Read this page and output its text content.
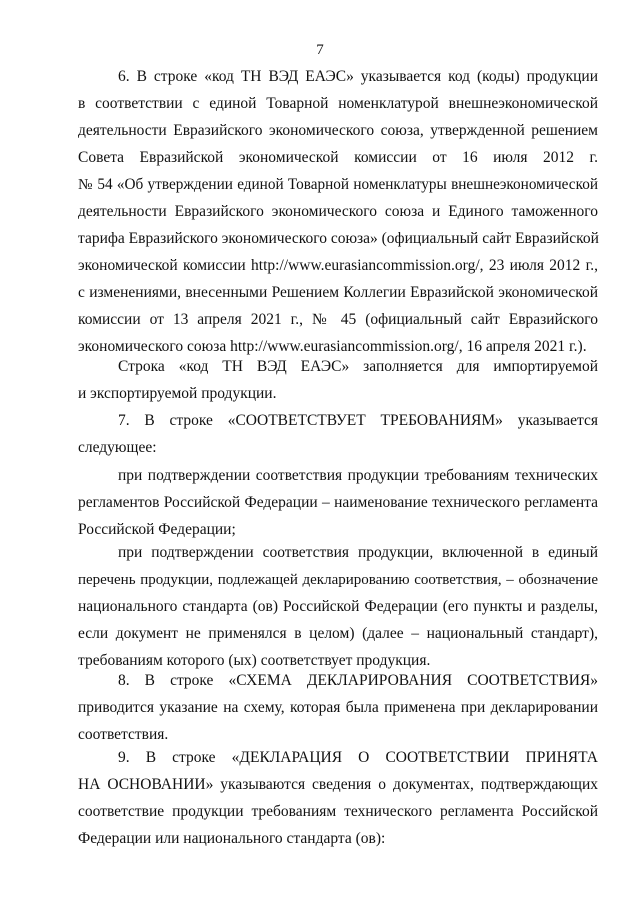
7
6. В строке «код ТН ВЭД ЕАЭС» указывается код (коды) продукции
в соответствии с единой Товарной номенклатурой внешнеэкономической
деятельности Евразийского экономического союза, утвержденной решением
Совета Евразийской экономической комиссии от 16 июля 2012 г.
№ 54 «Об утверждении единой Товарной номенклатуры внешнеэкономической
деятельности Евразийского экономического союза и Единого таможенного
тарифа Евразийского экономического союза» (официальный сайт Евразийской
экономической комиссии http://www.eurasiancommission.org/, 23 июля 2012 г.,
с изменениями, внесенными Решением Коллегии Евразийской экономической
комиссии от 13 апреля 2021 г., № 45 (официальный сайт Евразийского
экономического союза http://www.eurasiancommission.org/, 16 апреля 2021 г.).
Строка «код ТН ВЭД ЕАЭС» заполняется для импортируемой
и экспортируемой продукции.
7. В строке «СООТВЕТСТВУЕТ ТРЕБОВАНИЯМ» указывается
следующее:
при подтверждении соответствия продукции требованиям технических
регламентов Российской Федерации – наименование технического регламента
Российской Федерации;
при подтверждении соответствия продукции, включенной в единый
перечень продукции, подлежащей декларированию соответствия, – обозначение
национального стандарта (ов) Российской Федерации (его пункты и разделы,
если документ не применялся в целом) (далее – национальный стандарт),
требованиям которого (ых) соответствует продукция.
8. В строке «СХЕМА ДЕКЛАРИРОВАНИЯ СООТВЕТСТВИЯ»
приводится указание на схему, которая была применена при декларировании
соответствия.
9. В строке «ДЕКЛАРАЦИЯ О СООТВЕТСТВИИ ПРИНЯТА
НА ОСНОВАНИИ» указываются сведения о документах, подтверждающих
соответствие продукции требованиям технического регламента Российской
Федерации или национального стандарта (ов):
